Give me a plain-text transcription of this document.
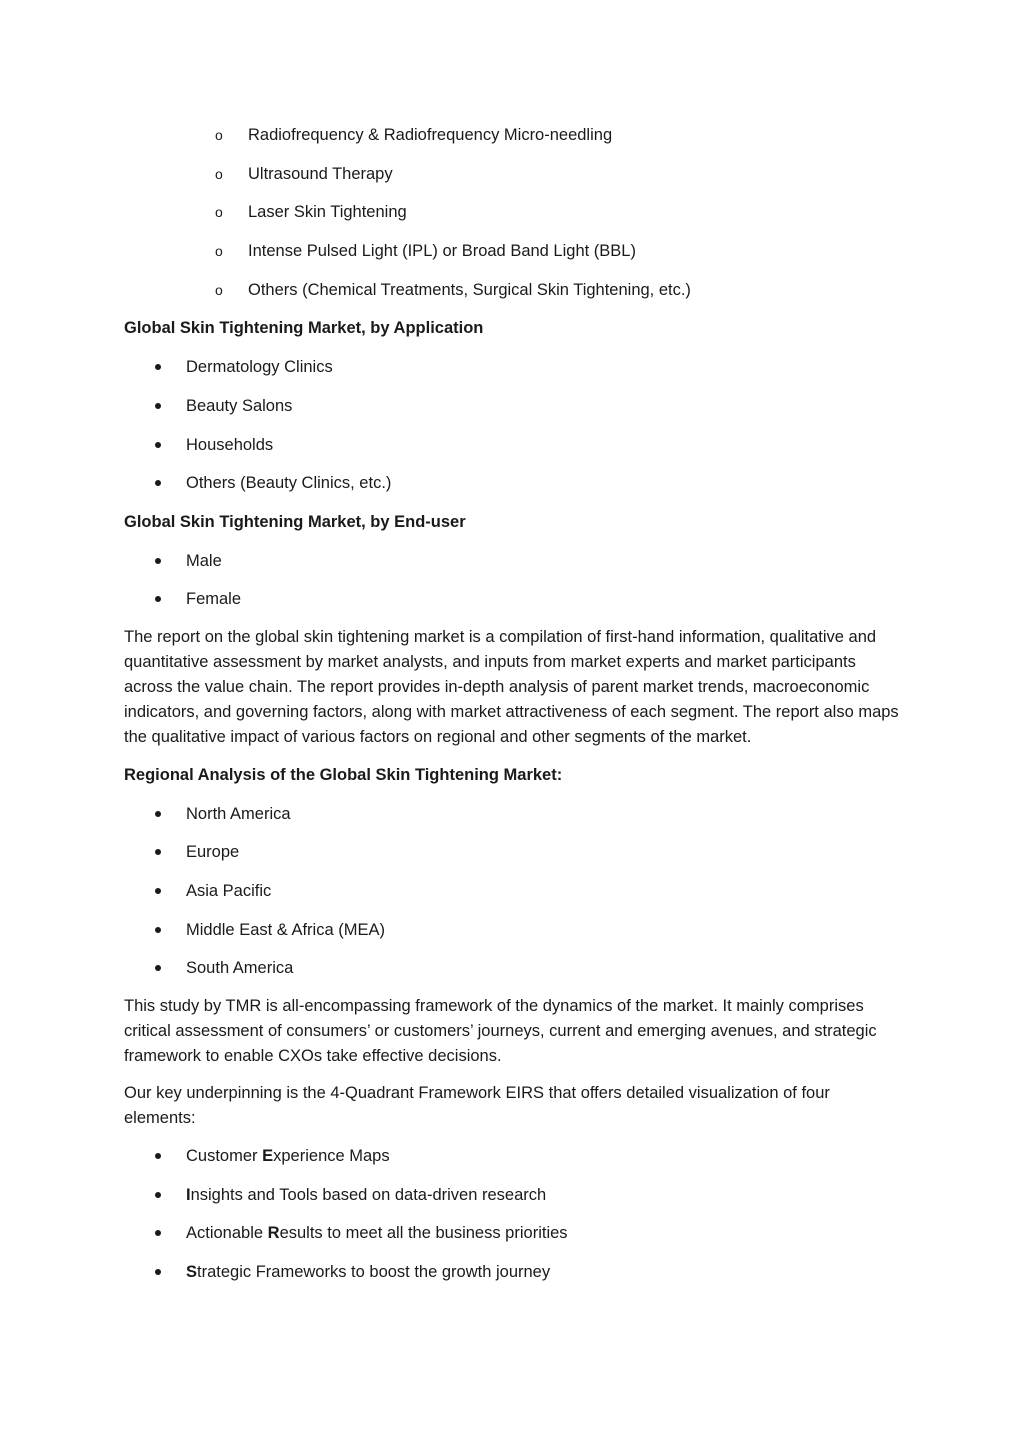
o Radiofrequency & Radiofrequency Micro-needling
o Ultrasound Therapy
o Laser Skin Tightening
o Intense Pulsed Light (IPL) or Broad Band Light (BBL)
o Others (Chemical Treatments, Surgical Skin Tightening, etc.)
Global Skin Tightening Market, by Application
Dermatology Clinics
Beauty Salons
Households
Others (Beauty Clinics, etc.)
Global Skin Tightening Market, by End-user
Male
Female

The report on the global skin tightening market is a compilation of first-hand information, qualitative and quantitative assessment by market analysts, and inputs from market experts and market participants across the value chain. The report provides in-depth analysis of parent market trends, macroeconomic indicators, and governing factors, along with market attractiveness of each segment. The report also maps the qualitative impact of various factors on regional and other segments of the market.

Regional Analysis of the Global Skin Tightening Market:
North America
Europe
Asia Pacific
Middle East & Africa (MEA)
South America

This study by TMR is all-encompassing framework of the dynamics of the market. It mainly comprises critical assessment of consumers’ or customers’ journeys, current and emerging avenues, and strategic framework to enable CXOs take effective decisions.

Our key underpinning is the 4-Quadrant Framework EIRS that offers detailed visualization of four elements:

Customer Experience Maps
Insights and Tools based on data-driven research
Actionable Results to meet all the business priorities
Strategic Frameworks to boost the growth journey
